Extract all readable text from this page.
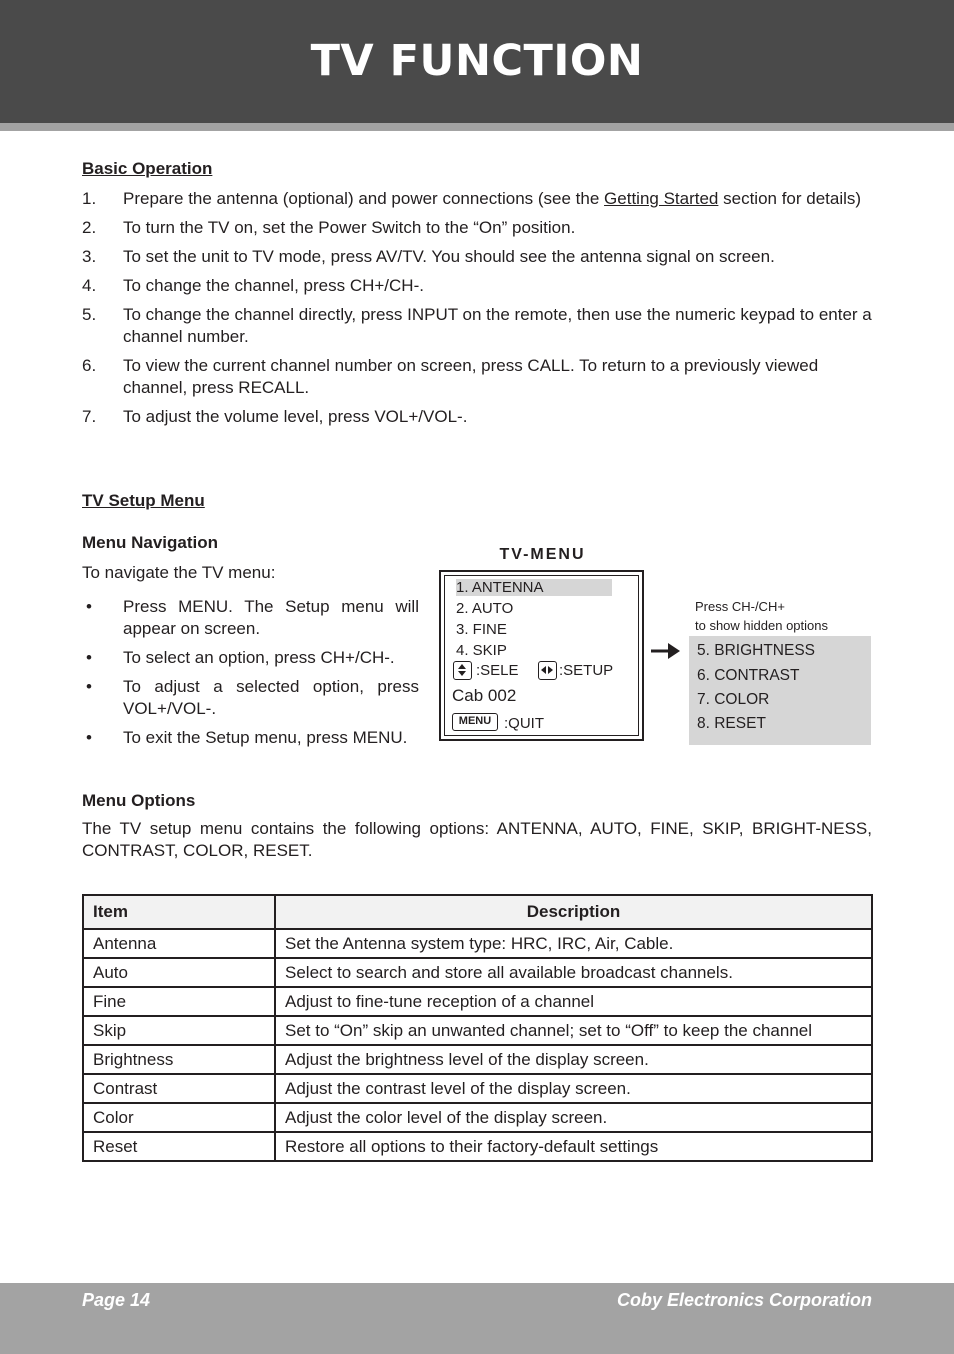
TV FUNCTION
Basic Operation
1. Prepare the antenna (optional) and power connections (see the Getting Started section for details)
2. To turn the TV on, set the Power Switch to the “On” position.
3. To set the unit to TV mode, press AV/TV. You should see the antenna signal on screen.
4. To change the channel, press CH+/CH-.
5. To change the channel directly, press INPUT on the remote, then use the numeric keypad to enter a channel number.
6. To view the current channel number on screen, press CALL. To return to a previously viewed channel, press RECALL.
7. To adjust the volume level, press VOL+/VOL-.
TV Setup Menu
Menu Navigation
To navigate the TV menu:
• Press MENU. The Setup menu will appear on screen.
• To select an option, press CH+/CH-.
• To adjust a selected option, press VOL+/VOL-.
• To exit the Setup menu, press MENU.
TV-MENU
1. ANTENNA
2. AUTO
3. FINE
4. SKIP
:SELE	:SETUP
Cab 002
MENU :QUIT
Press CH-/CH+
to show hidden options
5. BRIGHTNESS
6. CONTRAST
7. COLOR
8. RESET
Menu Options
The TV setup menu contains the following options: ANTENNA, AUTO, FINE, SKIP, BRIGHT-NESS, CONTRAST, COLOR, RESET.
Item	Description
Antenna	Set the Antenna system type: HRC, IRC, Air, Cable.
Auto	Select to search and store all available broadcast channels.
Fine	Adjust to fine-tune reception of a channel
Skip	Set to “On” skip an unwanted channel; set to “Off” to keep the channel
Brightness	Adjust the brightness level of the display screen.
Contrast	Adjust the contrast level of the display screen.
Color	Adjust the color level of the display screen.
Reset	Restore all options to their factory-default settings
Page 14	Coby Electronics Corporation
